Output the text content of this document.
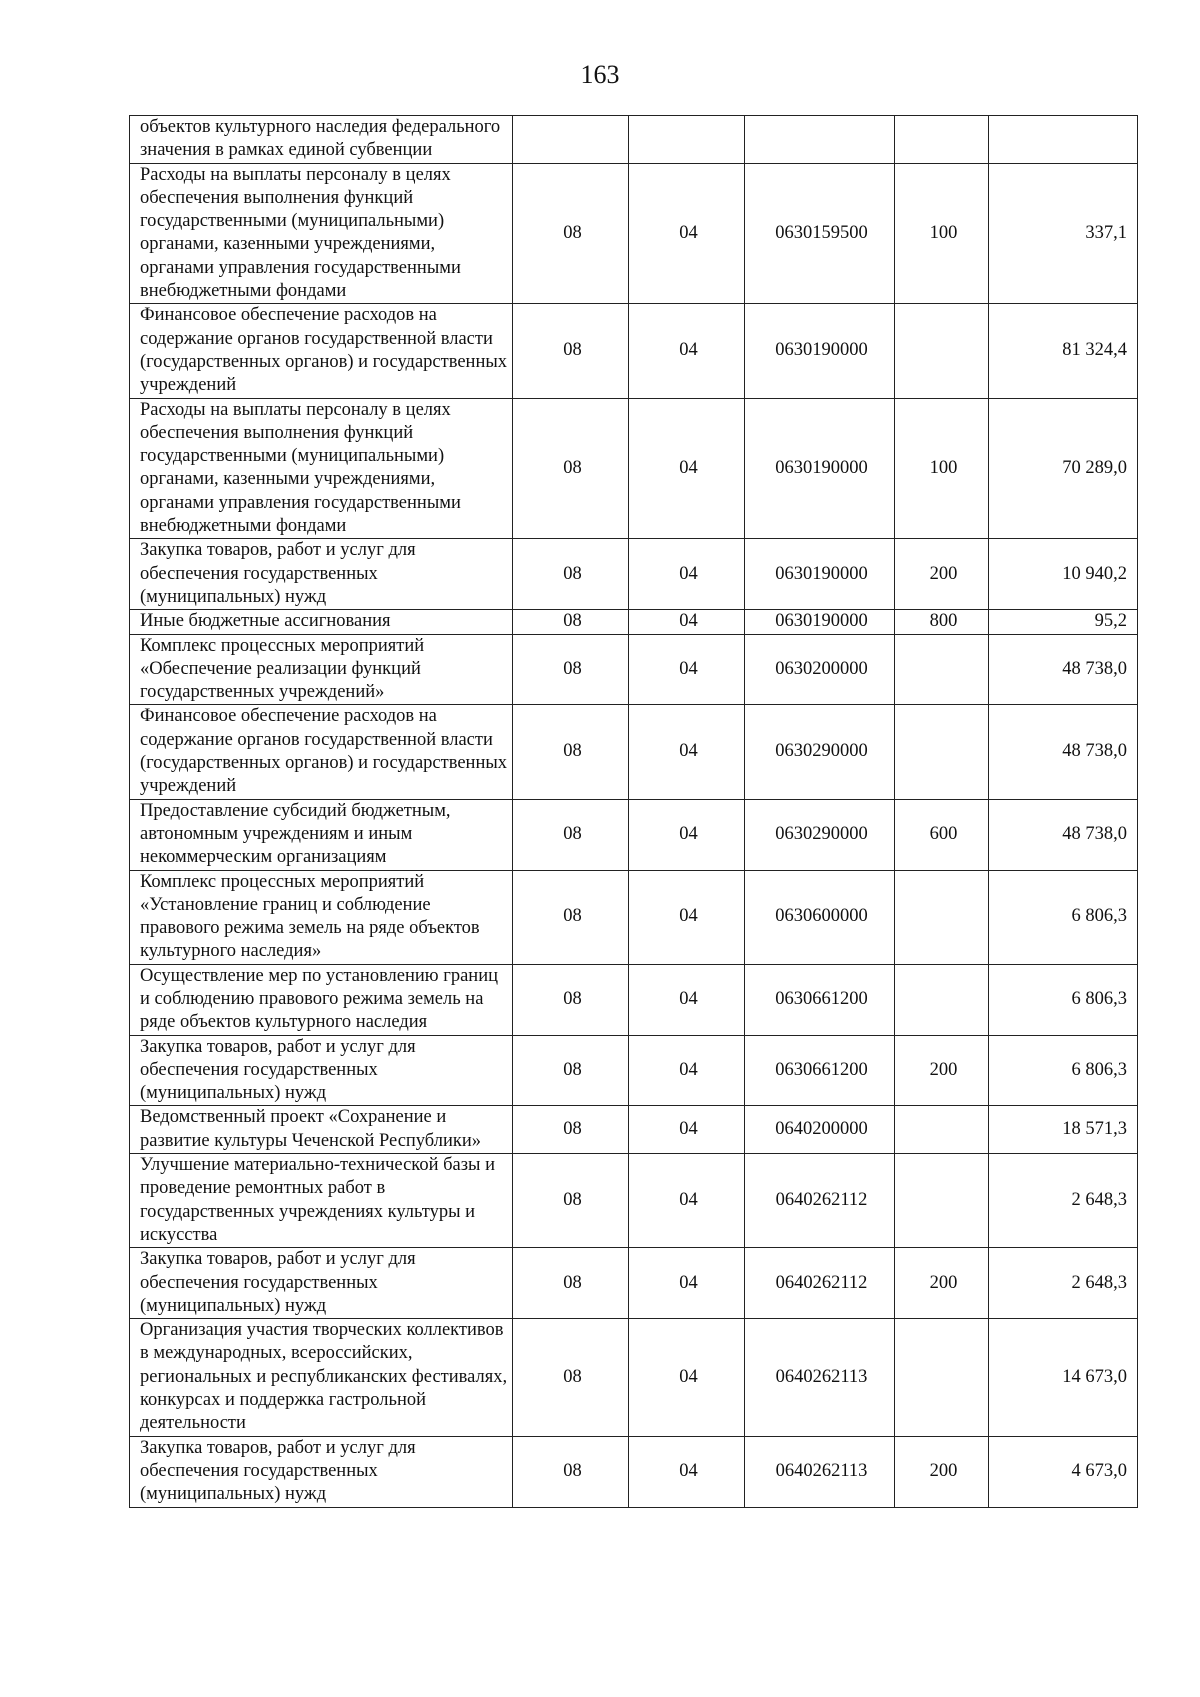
163
объектов культурного наследия федерального значения в рамках единой субвенции					
Расходы на выплаты персоналу в целях обеспечения выполнения функций государственными (муниципальными) органами, казенными учреждениями, органами управления государственными внебюджетными фондами	08	04	0630159500	100	337,1
Финансовое обеспечение расходов на содержание органов государственной власти (государственных органов) и государственных учреждений	08	04	0630190000		81 324,4
Расходы на выплаты персоналу в целях обеспечения выполнения функций государственными (муниципальными) органами, казенными учреждениями, органами управления государственными внебюджетными фондами	08	04	0630190000	100	70 289,0
Закупка товаров, работ и услуг для обеспечения государственных (муниципальных) нужд	08	04	0630190000	200	10 940,2
Иные бюджетные ассигнования	08	04	0630190000	800	95,2
Комплекс процессных мероприятий «Обеспечение реализации функций государственных учреждений»	08	04	0630200000		48 738,0
Финансовое обеспечение расходов на содержание органов государственной власти (государственных органов) и государственных учреждений	08	04	0630290000		48 738,0
Предоставление субсидий бюджетным, автономным учреждениям и иным некоммерческим организациям	08	04	0630290000	600	48 738,0
Комплекс процессных мероприятий «Установление границ и соблюдение правового режима земель на ряде объектов культурного наследия»	08	04	0630600000		6 806,3
Осуществление мер по установлению границ и соблюдению правового режима земель на ряде объектов культурного наследия	08	04	0630661200		6 806,3
Закупка товаров, работ и услуг для обеспечения государственных (муниципальных) нужд	08	04	0630661200	200	6 806,3
Ведомственный проект «Сохранение и развитие культуры Чеченской Республики»	08	04	0640200000		18 571,3
Улучшение материально-технической базы и проведение ремонтных работ в государственных учреждениях культуры и искусства	08	04	0640262112		2 648,3
Закупка товаров, работ и услуг для обеспечения государственных (муниципальных) нужд	08	04	0640262112	200	2 648,3
Организация участия творческих коллективов в международных, всероссийских, региональных и республиканских фестивалях, конкурсах и поддержка гастрольной деятельности	08	04	0640262113		14 673,0
Закупка товаров, работ и услуг для обеспечения государственных (муниципальных) нужд	08	04	0640262113	200	4 673,0
